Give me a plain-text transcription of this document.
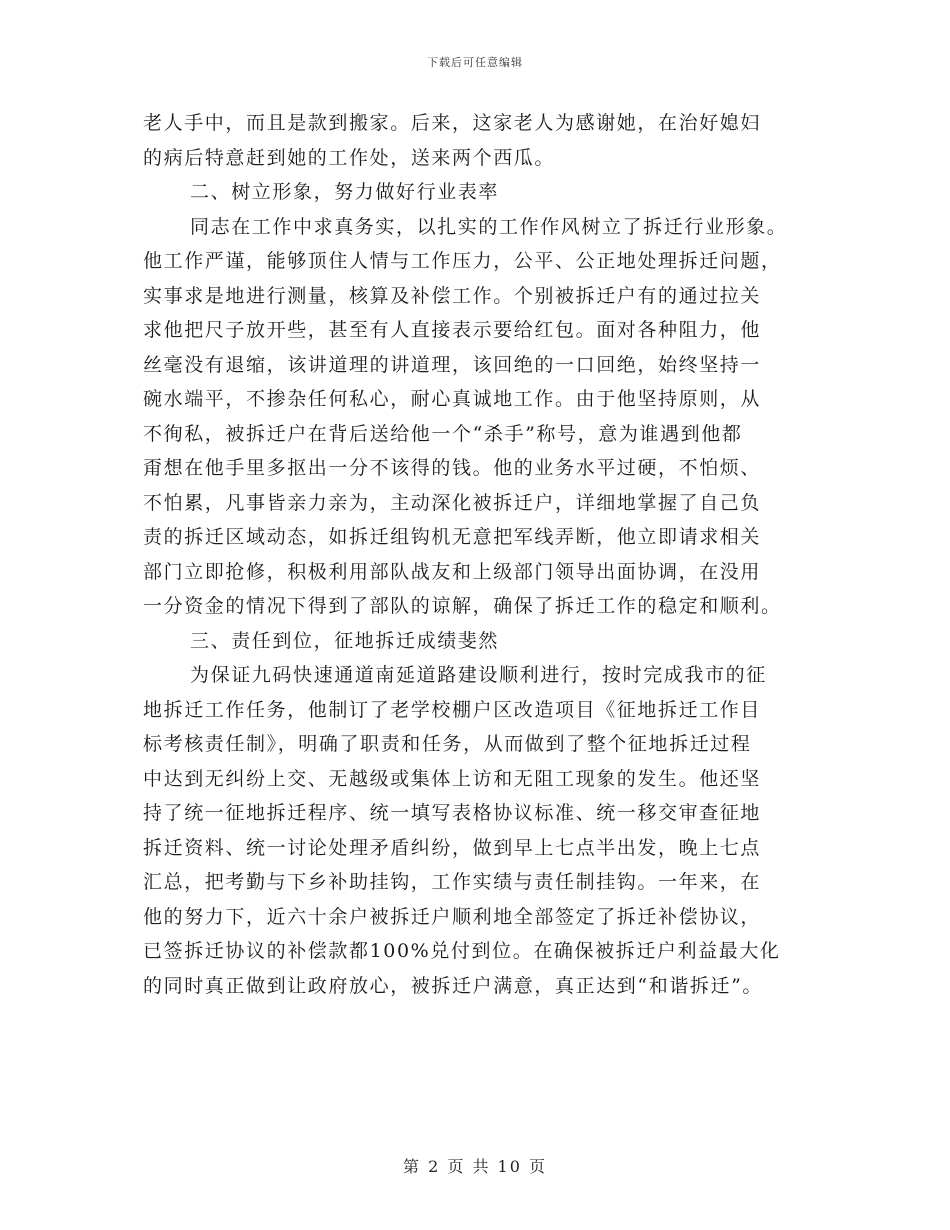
下载后可任意编辑
老人手中，而且是款到搬家。后来，这家老人为感谢她，在治好媳妇
的病后特意赶到她的工作处，送来两个西瓜。
二、树立形象，努力做好行业表率
同志在工作中求真务实，以扎实的工作作风树立了拆迁行业形象。
他工作严谨，能够顶住人情与工作压力，公平、公正地处理拆迁问题，
实事求是地进行测量，核算及补偿工作。个别被拆迁户有的通过拉关
求他把尺子放开些，甚至有人直接表示要给红包。面对各种阻力，他
丝毫没有退缩，该讲道理的讲道理，该回绝的一口回绝，始终坚持一
碗水端平，不掺杂任何私心，耐心真诚地工作。由于他坚持原则，从
不徇私，被拆迁户在背后送给他一个“杀手”称号，意为谁遇到他都
甭想在他手里多抠出一分不该得的钱。他的业务水平过硬，不怕烦、
不怕累，凡事皆亲力亲为，主动深化被拆迁户，详细地掌握了自己负
责的拆迁区域动态，如拆迁组钩机无意把军线弄断，他立即请求相关
部门立即抢修，积极利用部队战友和上级部门领导出面协调，在没用
一分资金的情况下得到了部队的谅解，确保了拆迁工作的稳定和顺利。
三、责任到位，征地拆迁成绩斐然
为保证九码快速通道南延道路建设顺利进行，按时完成我市的征
地拆迁工作任务，他制订了老学校棚户区改造项目《征地拆迁工作目
标考核责任制》，明确了职责和任务，从而做到了整个征地拆迁过程
中达到无纠纷上交、无越级或集体上访和无阻工现象的发生。他还坚
持了统一征地拆迁程序、统一填写表格协议标准、统一移交审查征地
拆迁资料、统一讨论处理矛盾纠纷，做到早上七点半出发，晚上七点
汇总，把考勤与下乡补助挂钩，工作实绩与责任制挂钩。一年来，在
他的努力下，近六十余户被拆迁户顺利地全部签定了拆迁补偿协议，
已签拆迁协议的补偿款都100%兑付到位。在确保被拆迁户利益最大化
的同时真正做到让政府放心，被拆迁户满意，真正达到“和谐拆迁”。
第 2 页 共 10 页
